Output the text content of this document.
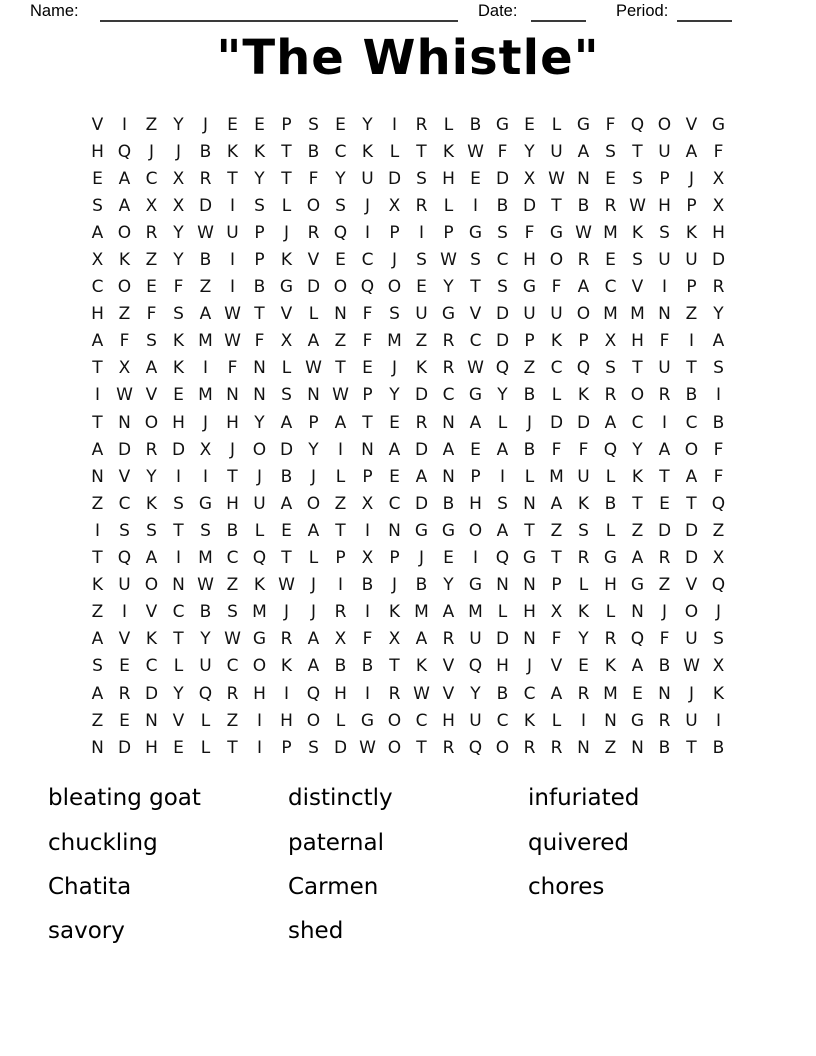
Name:	Date:	Period:
"The Whistle"
V	I	Z Y	J	E E P S E Y	I	R L B G E L G F Q O V G
H Q	J	J	B K K T B C K L	T K W F Y U A S T U A F
E A C X R T Y T F Y U D S H E D X W N E S P	J	X
S A X X D	I	S L O S	J	X R L	I	B D T B R W H P X
A O R Y W U P	J	R Q	I	P	I	P G S F G W M K S K H
X K Z Y B	I	P K V E C	J	S W S C H O R E S U U D
C O E F Z	I	B G D O Q O E Y T S G F A C V	I	P R
H Z F S A W T V L N F S U G V D U U O M M N Z Y
A F S K M W F X A Z F M Z R C D P K P X H F	I	A
T X A K	I	F N L W T E	J	K R W Q Z C Q S T U T S
I W V E M N N S N W P Y D C G Y B L K R O R B	I
T N O H	J	H Y A P A T E R N A L	J	D D A C	I	C B
A D R D X	J	O D Y	I	N A D A E A B F	F Q Y A O F
N V Y	I	I	T	J	B	J	L	P E A N P	I	L M U L K T A F
Z C K S G H U A O Z X C D B H S N A K B T E T Q
I	S S T S B L E A T	I	N G G O A T Z S L Z D D Z
T Q A	I	M C Q T	L	P X P	J	E	I	Q G T R G A R D X
K U O N W Z K W J	I	B	J	B Y G N N P	L H G Z V Q
Z	I	V C B S M	J	J	R	I	K M A M L H X K L N	J	O	J
A V K T Y W G R A X F X A R U D N F Y R Q F U S
S E C L U C O K A B B T K V Q H	J	V E K A B W X
A R D Y Q R H	I	Q H	I	R W V Y B C A R M E N	J	K
Z E N V L Z	I	H O L G O C H U C K L	I	N G R U	I
N D H E L	T	I	P S D W O T R Q O R R N Z N B T B
bleating goat
chuckling
Chatita
savory
distinctly
paternal
Carmen
shed
infuriated
quivered
chores
